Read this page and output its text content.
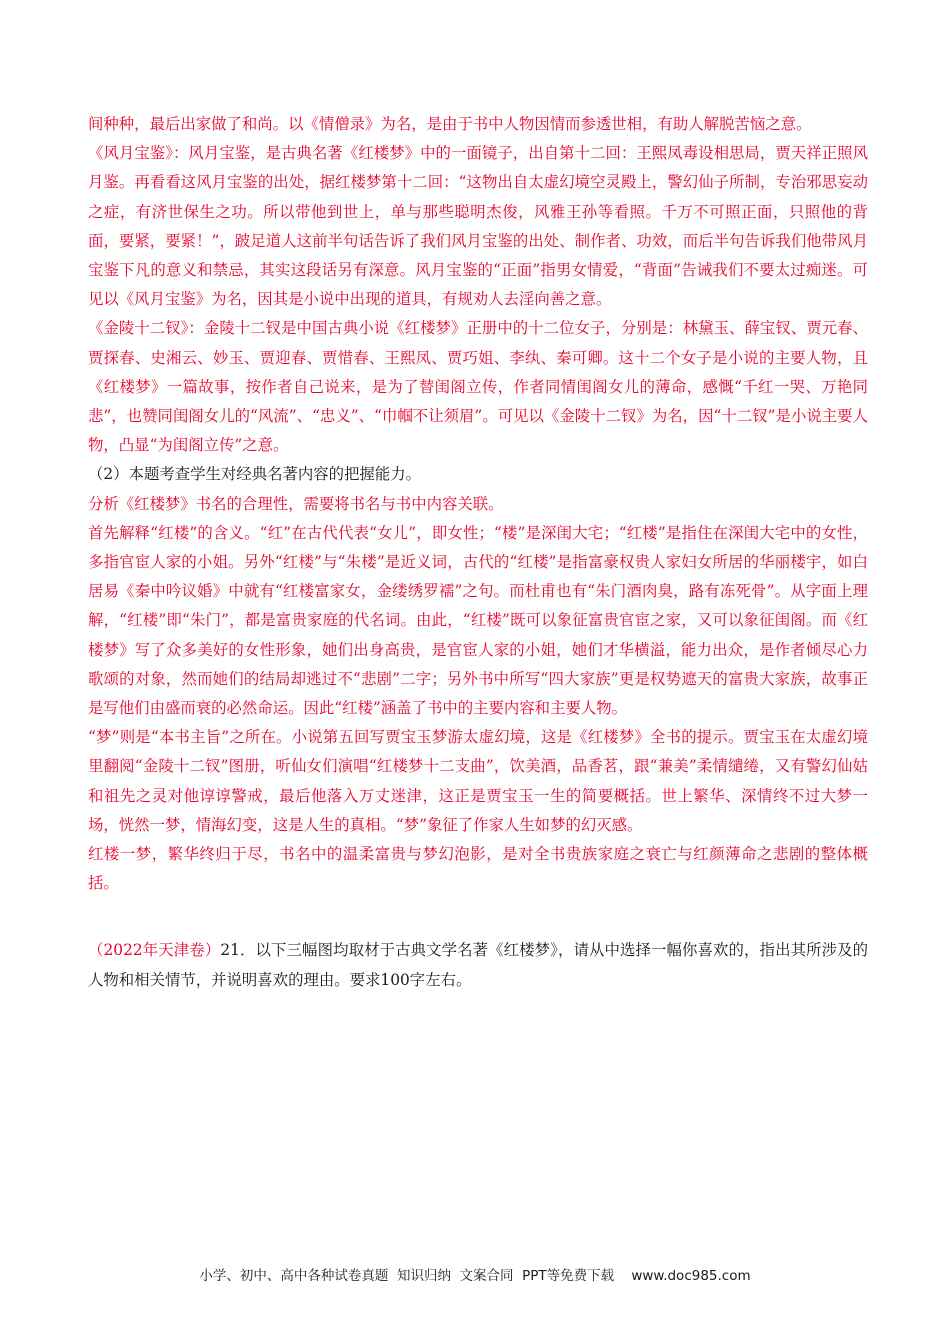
间种种，最后出家做了和尚。以《情僧录》为名，是由于书中人物因情而参透世相，有助人解脱苦恼之意。

《风月宝鉴》：风月宝鉴，是古典名著《红楼梦》中的一面镜子，出自第十二回：王熙凤毒设相思局，贾天祥正照风月鉴。再看看这风月宝鉴的出处，据红楼梦第十二回：“这物出自太虚幻境空灵殿上，警幻仙子所制，专治邪思妄动之症，有济世保生之功。所以带他到世上，单与那些聪明杰俊，风雅王孙等看照。千万不可照正面，只照他的背面，要紧，要紧！”，跛足道人这前半句话告诉了我们风月宝鉴的出处、制作者、功效，而后半句告诉我们他带风月宝鉴下凡的意义和禁忌，其实这段话另有深意。风月宝鉴的“正面”指男女情爱，“背面”告诫我们不要太过痴迷。可见以《风月宝鉴》为名，因其是小说中出现的道具，有规劝人去淫向善之意。

《金陵十二钗》：金陵十二钗是中国古典小说《红楼梦》正册中的十二位女子，分别是：林黛玉、薛宝钗、贾元春、贾探春、史湘云、妙玉、贾迎春、贾惜春、王熙凤、贾巧姐、李纨、秦可卿。这十二个女子是小说的主要人物，且《红楼梦》一篇故事，按作者自己说来，是为了替闺阁立传，作者同情闺阁女儿的薄命，感慨“千红一哭、万艳同悲”，也赞同闺阁女儿的“风流”、“忠义”、“巾帼不让须眉”。可见以《金陵十二钗》为名，因“十二钗”是小说主要人物，凸显“为闺阁立传”之意。

（2）本题考查学生对经典名著内容的把握能力。

分析《红楼梦》书名的合理性，需要将书名与书中内容关联。

首先解释“红楼”的含义。“红”在古代代表“女儿”，即女性；“楼”是深闺大宅；“红楼”是指住在深闺大宅中的女性，多指官宦人家的小姐。另外“红楼”与“朱楼”是近义词，古代的“红楼”是指富豪权贵人家妇女所居的华丽楼宇，如白居易《秦中吟议婚》中就有“红楼富家女，金缕绣罗襦”之句。而杜甫也有“朱门酒肉臭，路有冻死骨”。从字面上理解，“红楼”即“朱门”，都是富贵家庭的代名词。由此，“红楼”既可以象征富贵官宦之家，又可以象征闺阁。而《红楼梦》写了众多美好的女性形象，她们出身高贵，是官宦人家的小姐，她们才华横溢，能力出众，是作者倾尽心力歌颂的对象，然而她们的结局却逃过不“悲剧”二字；另外书中所写“四大家族”更是权势遮天的富贵大家族，故事正是写他们由盛而衰的必然命运。因此“红楼”涵盖了书中的主要内容和主要人物。

“梦”则是“本书主旨”之所在。小说第五回写贾宝玉梦游太虚幻境，这是《红楼梦》全书的提示。贾宝玉在太虚幻境里翻阅“金陵十二钗”图册，听仙女们演唱“红楼梦十二支曲”，饮美酒，品香茗，跟“兼美”柔情缱绻，又有警幻仙姑和祖先之灵对他谆谆警戒，最后他落入万丈迷津，这正是贾宝玉一生的简要概括。世上繁华、深情终不过大梦一场，恍然一梦，情海幻变，这是人生的真相。“梦”象征了作家人生如梦的幻灭感。

红楼一梦，繁华终归于尽，书名中的温柔富贵与梦幻泡影，是对全书贵族家庭之衰亡与红颜薄命之悲剧的整体概括。

（2022年天津卷）21．以下三幅图均取材于古典文学名著《红楼梦》，请从中选择一幅你喜欢的，指出其所涉及的人物和相关情节，并说明喜欢的理由。要求100字左右。

小学、初中、高中各种试卷真题  知识归纳  文案合同  PPT等免费下载 www.doc985.com
